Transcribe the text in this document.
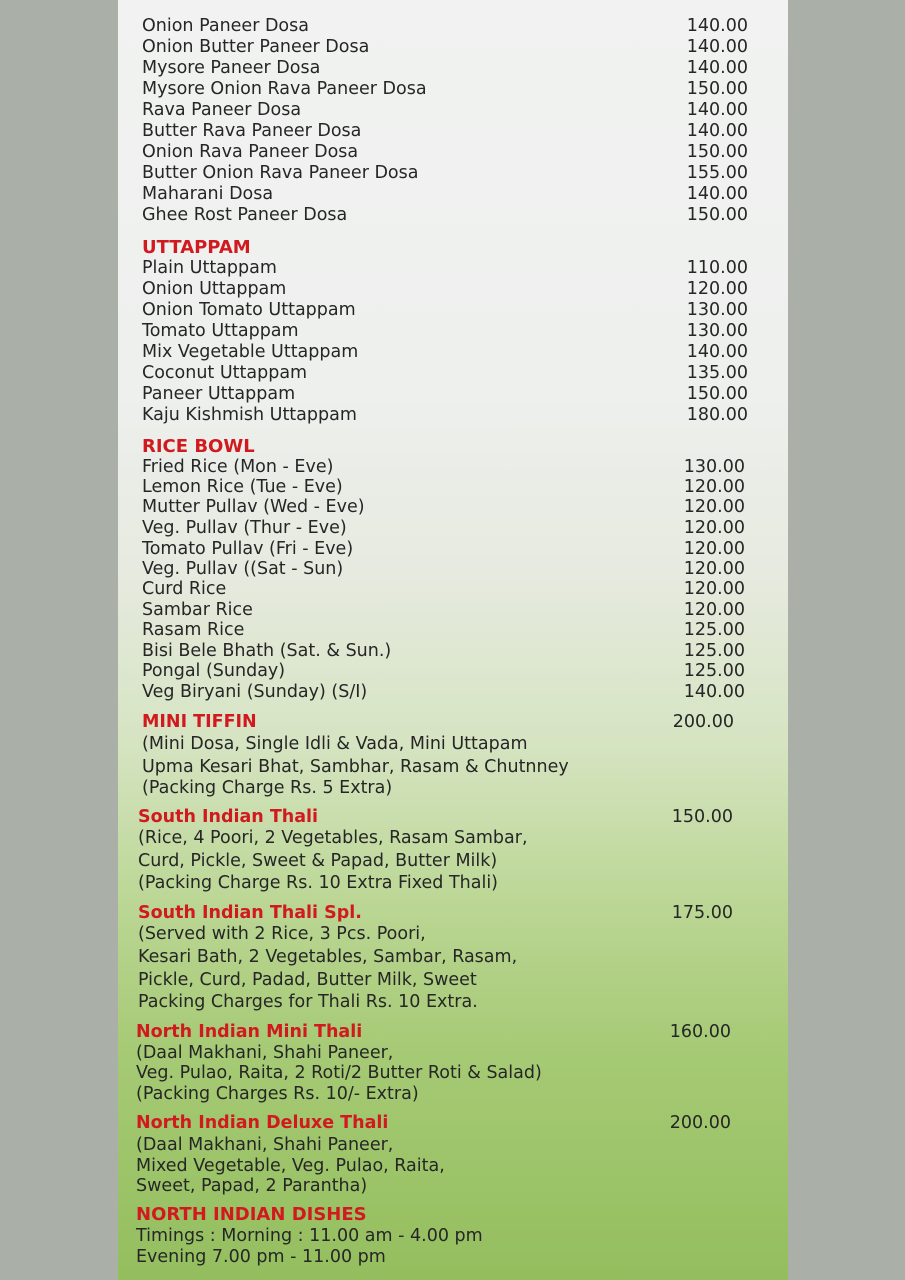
Onion Paneer Dosa	140.00
Onion Butter Paneer Dosa	140.00
Mysore Paneer Dosa	140.00
Mysore Onion Rava Paneer Dosa	150.00
Rava Paneer Dosa	140.00
Butter Rava Paneer Dosa	140.00
Onion Rava Paneer Dosa	150.00
Butter Onion Rava Paneer Dosa	155.00
Maharani Dosa	140.00
Ghee Rost Paneer Dosa	150.00
UTTAPPAM
Plain Uttappam	110.00
Onion Uttappam	120.00
Onion Tomato Uttappam	130.00
Tomato Uttappam	130.00
Mix Vegetable Uttappam	140.00
Coconut Uttappam	135.00
Paneer Uttappam	150.00
Kaju Kishmish Uttappam	180.00
RICE BOWL
Fried Rice (Mon - Eve)	130.00
Lemon Rice (Tue - Eve)	120.00
Mutter Pullav (Wed - Eve)	120.00
Veg. Pullav (Thur - Eve)	120.00
Tomato Pullav (Fri - Eve)	120.00
Veg. Pullav ((Sat - Sun)	120.00
Curd Rice	120.00
Sambar Rice	120.00
Rasam Rice	125.00
Bisi Bele Bhath (Sat. & Sun.)	125.00
Pongal (Sunday)	125.00
Veg Biryani (Sunday) (S/I)	140.00
MINI TIFFIN	200.00
(Mini Dosa, Single Idli & Vada, Mini Uttapam
Upma Kesari Bhat, Sambhar, Rasam & Chutnney
(Packing Charge Rs. 5 Extra)
South Indian Thali	150.00
(Rice, 4 Poori, 2 Vegetables, Rasam Sambar,
Curd, Pickle, Sweet & Papad, Butter Milk)
(Packing Charge Rs. 10 Extra Fixed Thali)
South Indian Thali Spl.	175.00
(Served with 2 Rice, 3 Pcs. Poori,
Kesari Bath, 2 Vegetables, Sambar, Rasam,
Pickle, Curd, Padad, Butter Milk, Sweet
Packing Charges for Thali Rs. 10 Extra.
North Indian Mini Thali	160.00
(Daal Makhani, Shahi Paneer,
Veg. Pulao, Raita, 2 Roti/2 Butter Roti & Salad)
(Packing Charges Rs. 10/- Extra)
North Indian Deluxe Thali	200.00
(Daal Makhani, Shahi Paneer,
Mixed Vegetable, Veg. Pulao, Raita,
Sweet, Papad, 2 Parantha)
NORTH INDIAN DISHES
Timings : Morning : 11.00 am - 4.00 pm
Evening 7.00 pm - 11.00 pm
